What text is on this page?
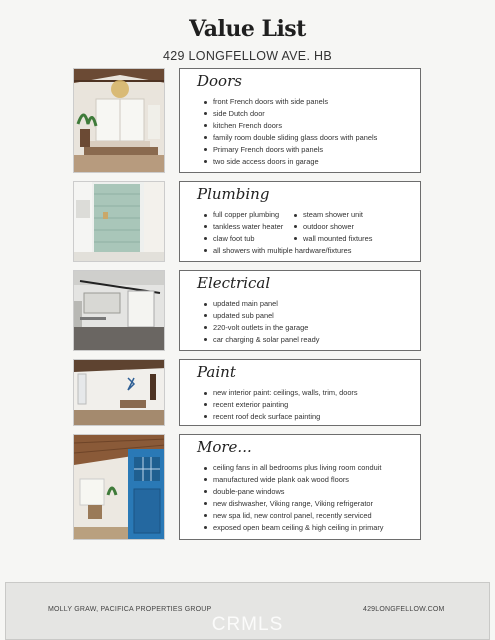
Value List
429 LONGFELLOW AVE. HB
Doors
front French doors with side panels
side Dutch door
kitchen French doors
family room double sliding glass doors with panels
Primary French doors with panels
two side access doors in garage
Plumbing
full copper plumbing	steam shower unit
tankless water heater	outdoor shower
claw foot tub	wall mounted fixtures
all showers with multiple hardware/fixtures
Electrical
updated main panel
updated sub panel
220-volt outlets in the garage
car charging & solar panel ready
Paint
new interior paint: ceilings, walls, trim, doors
recent exterior painting
recent roof deck surface painting
More...
ceiling fans in all bedrooms plus living room conduit
manufactured wide plank oak wood floors
double-pane windows
new dishwasher, Viking range, Viking refrigerator
new spa lid, new control panel, recently serviced
exposed open beam ceiling & high ceiling in primary
MOLLY GRAW, PACIFICA PROPERTIES GROUP	429LONGFELLOW.COM
CRMLS
